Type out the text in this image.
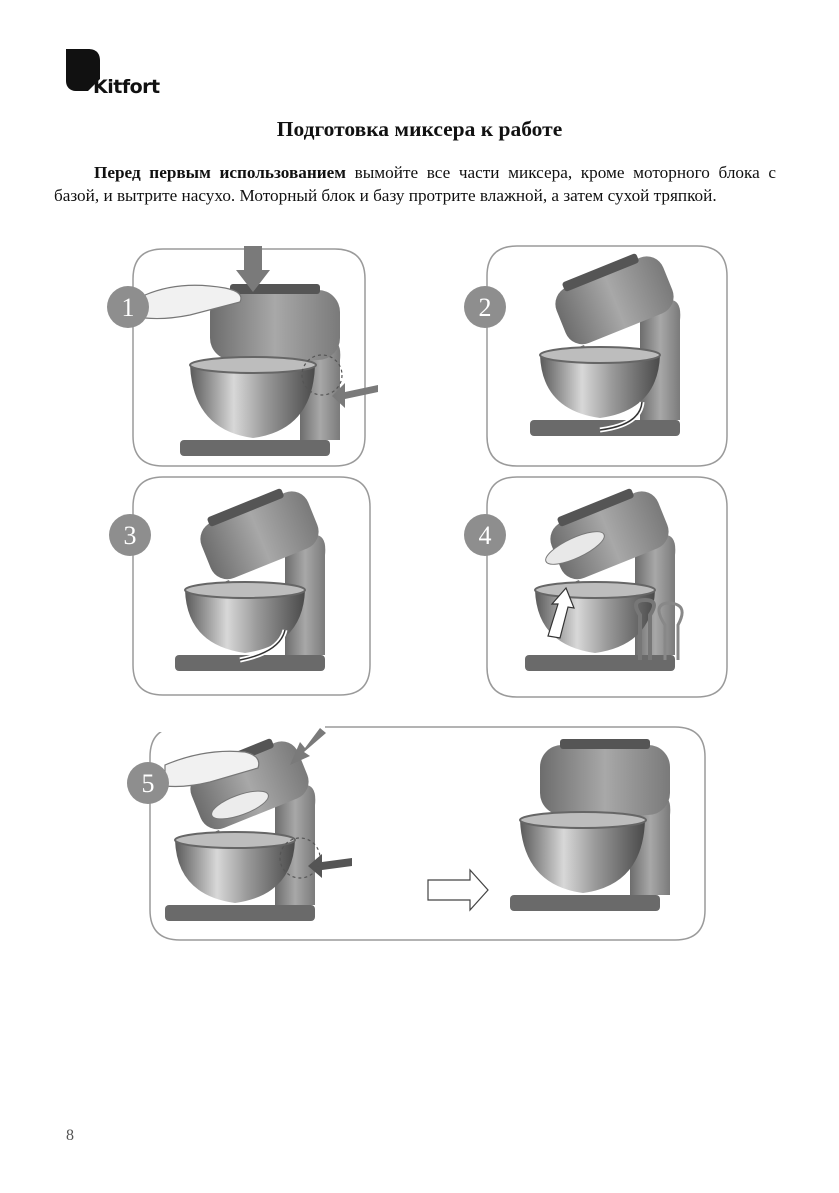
Kitfort
Подготовка миксера к работе

Перед первым использованием вымойте все части миксера, кроме моторного блока с базой, и вытрите насухо. Моторный блок и базу протрите влажной, а затем сухой тряпкой.

1	2
3	4
5
8
